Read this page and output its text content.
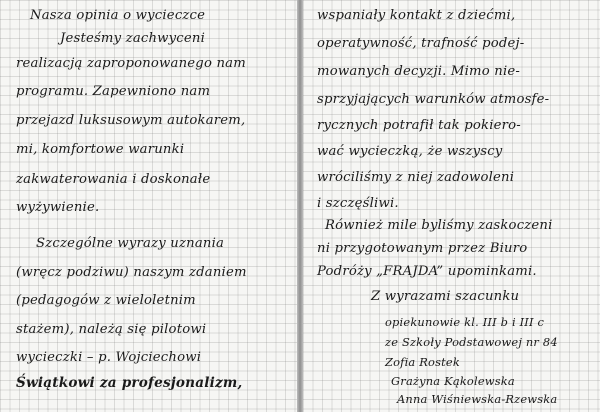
Nasza opinia o wycieczce
Jesteśmy zachwyceni
realizacją zaproponowanego nam
programu. Zapewniono nam
przejazd luksusowym autokarem,
mi, komfortowe warunki
zakwaterowania i doskonałe
wyżywienie.
Szczególne wyrazy uznania
(wręcz podziwu) naszym zdaniem
(pedagogów z wieloletnim
stażem), należą się pilotowi
wycieczki – p. Wojciechowi
Świątkowi za profesjonalizm,
wspaniały kontakt z dziećmi,
operatywność, trafność podej-
mowanych decyzji. Mimo nie-
sprzyjających warunków atmosfe-
rycznych potrafił tak pokiero-
wać wycieczką, że wszyscy
wróciliśmy z niej zadowoleni
i szczęśliwi.
Również mile byliśmy zaskoczeni
ni przygotowanym przez Biuro
Podróży „FRAJDA” upominkami.
Z wyrazami szacunku
opiekunowie kl. III b i III c
ze Szkoły Podstawowej nr 84
Zofia Rostek
Grażyna Kąkolewska
Anna Wiśniewska-Rzewska
